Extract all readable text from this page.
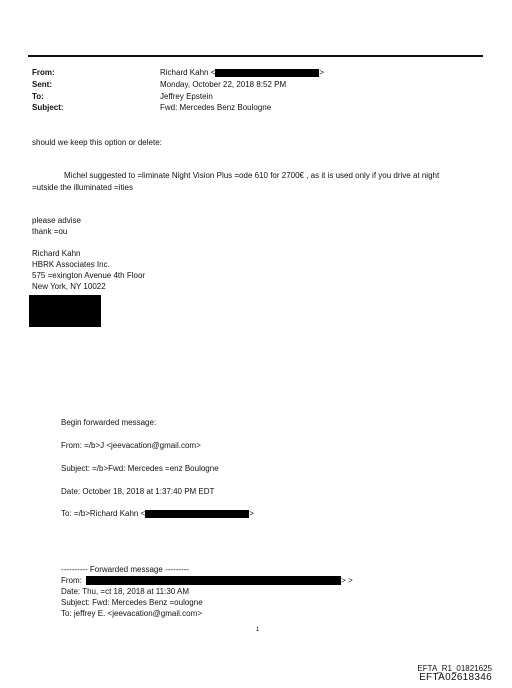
From:	Richard Kahn <	>
Sent:	Monday, October 22, 2018 8:52 PM
To:	Jeffrey Epstein
Subject:	Fwd: Mercedes Benz Boulogne
should we keep this option or delete:
Michel suggested to =liminate Night Vision Plus =ode 610 for 2700€ , as it is used only if you drive at night
=utside the illuminated =ities
please advise
thank =ou
Richard Kahn
HBRK Associates Inc.
575 =exington Avenue 4th Floor
New York, NY 10022
Begin forwarded message:
From: =/b>J <jeevacation@gmail.com>
Subject: =/b>Fwd: Mercedes =enz Boulogne
Date: October 18, 2018 at 1:37:40 PM EDT
To: =/b>Richard Kahn <	>
---------- Forwarded message ---------
From:	> >
Date: Thu, =ct 18, 2018 at 11:30 AM
Subject: Fwd: Mercedes Benz =oulogne
To: jeffrey E. <jeevacation@gmail.com>
1
EFTA_R1_01821625
EFTA02618346
